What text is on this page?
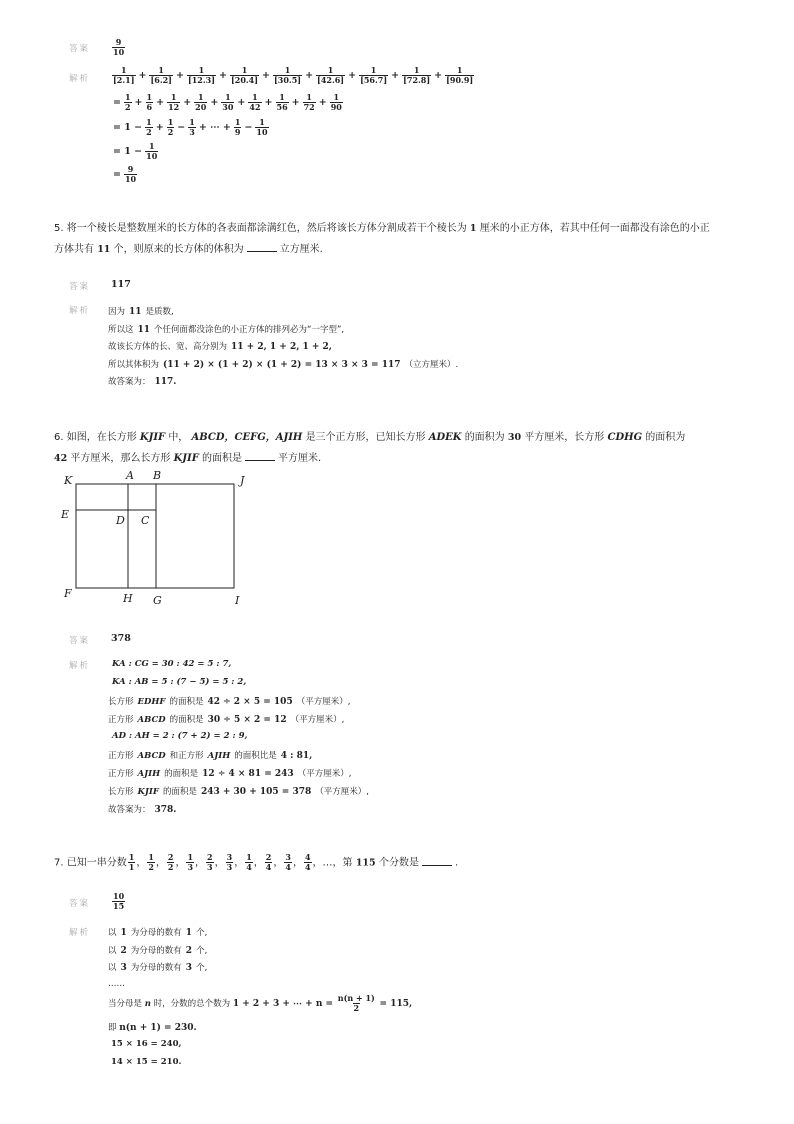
答案	$\frac{9}{10}$
解析	$\frac{1}{[2.1]} + \frac{1}{[6.2]} + \frac{1}{[12.3]} + \frac{1}{[20.4]} + \frac{1}{[30.5]} + \frac{1}{[42.6]} + \frac{1}{[56.7]} + \frac{1}{[72.8]} + \frac{1}{[90.9]}$
= $\frac{1}{2} + \frac{1}{6} + \frac{1}{12} + \frac{1}{20} + \frac{1}{30} + \frac{1}{42} + \frac{1}{56} + \frac{1}{72} + \frac{1}{90}$
= $1 - \frac{1}{2} + \frac{1}{2} - \frac{1}{3}$ + ⋯ + $\frac{1}{9} - \frac{1}{10}$
= $1 - \frac{1}{10}$
= $\frac{9}{10}$
5. 将一个棱长是整数厘米的长方体的各表面都涂满红色，然后将该长方体分割成若干个棱长为 1 厘米的小正方体，若其中任何一面都没有涂色的小正
方体共有 11 个，则原来的长方体的体积为	立方厘米.
答案 117
解析 因为 11 是质数,
所以这 11 个任何面都没涂色的小正方体的排列必为“一字型”,
故该长方体的长、宽、高分别为 11 + 2, 1 + 2, 1 + 2,
所以其体积为 (11 + 2) × (1 + 2) × (1 + 2) = 13 × 3 × 3 = 117 （立方厘米）.
故答案为： 117.
6. 如图，在长方形 KJIF 中， ABCD，CEFG，AJIH 是三个正方形，已知长方形 ADEK 的面积为 30 平方厘米，长方形 CDHG 的面积为
42 平方厘米，那么长方形 KJIF 的面积是	平方厘米.
K	A B	J
E	D C
F	H G	I
答案 378
解析	KA : CG = 30 : 42 = 5 : 7,
KA : AB = 5 : (7 − 5) = 5 : 2,
长方形 EDHF 的面积是 42 ÷ 2 × 5 = 105 （平方厘米）,
正方形 ABCD 的面积是 30 ÷ 5 × 2 = 12 （平方厘米）,
AD : AH = 2 : (7 + 2) = 2 : 9,
正方形 ABCD 和正方形 AJIH 的面积比是 4 : 81,
正方形 AJIH 的面积是 12 ÷ 4 × 81 = 243 （平方厘米）,
长方形 KJIF 的面积是 243 + 30 + 105 = 378 （平方厘米）,
故答案为： 378.
7. 已知一串分数 $\frac{1}{1}$ ， $\frac{1}{2}$ ， $\frac{2}{2}$ ， $\frac{1}{3}$ ， $\frac{2}{3}$ ， $\frac{3}{3}$ ， $\frac{1}{4}$ ， $\frac{2}{4}$ ， $\frac{3}{4}$ ， $\frac{4}{4}$ ，…，第 115 个分数是	.
答案	$\frac{10}{15}$
解析 以 1 为分母的数有 1 个,
以 2 为分母的数有 2 个,
以 3 为分母的数有 3 个,
……
当分母是 n 时，分数的总个数为 1 + 2 + 3 + ⋯ + $n = \frac{n(n + 1)}{2} = 115$,
即 n(n + 1) = 230.
15 × 16 = 240,
14 × 15 = 210.
